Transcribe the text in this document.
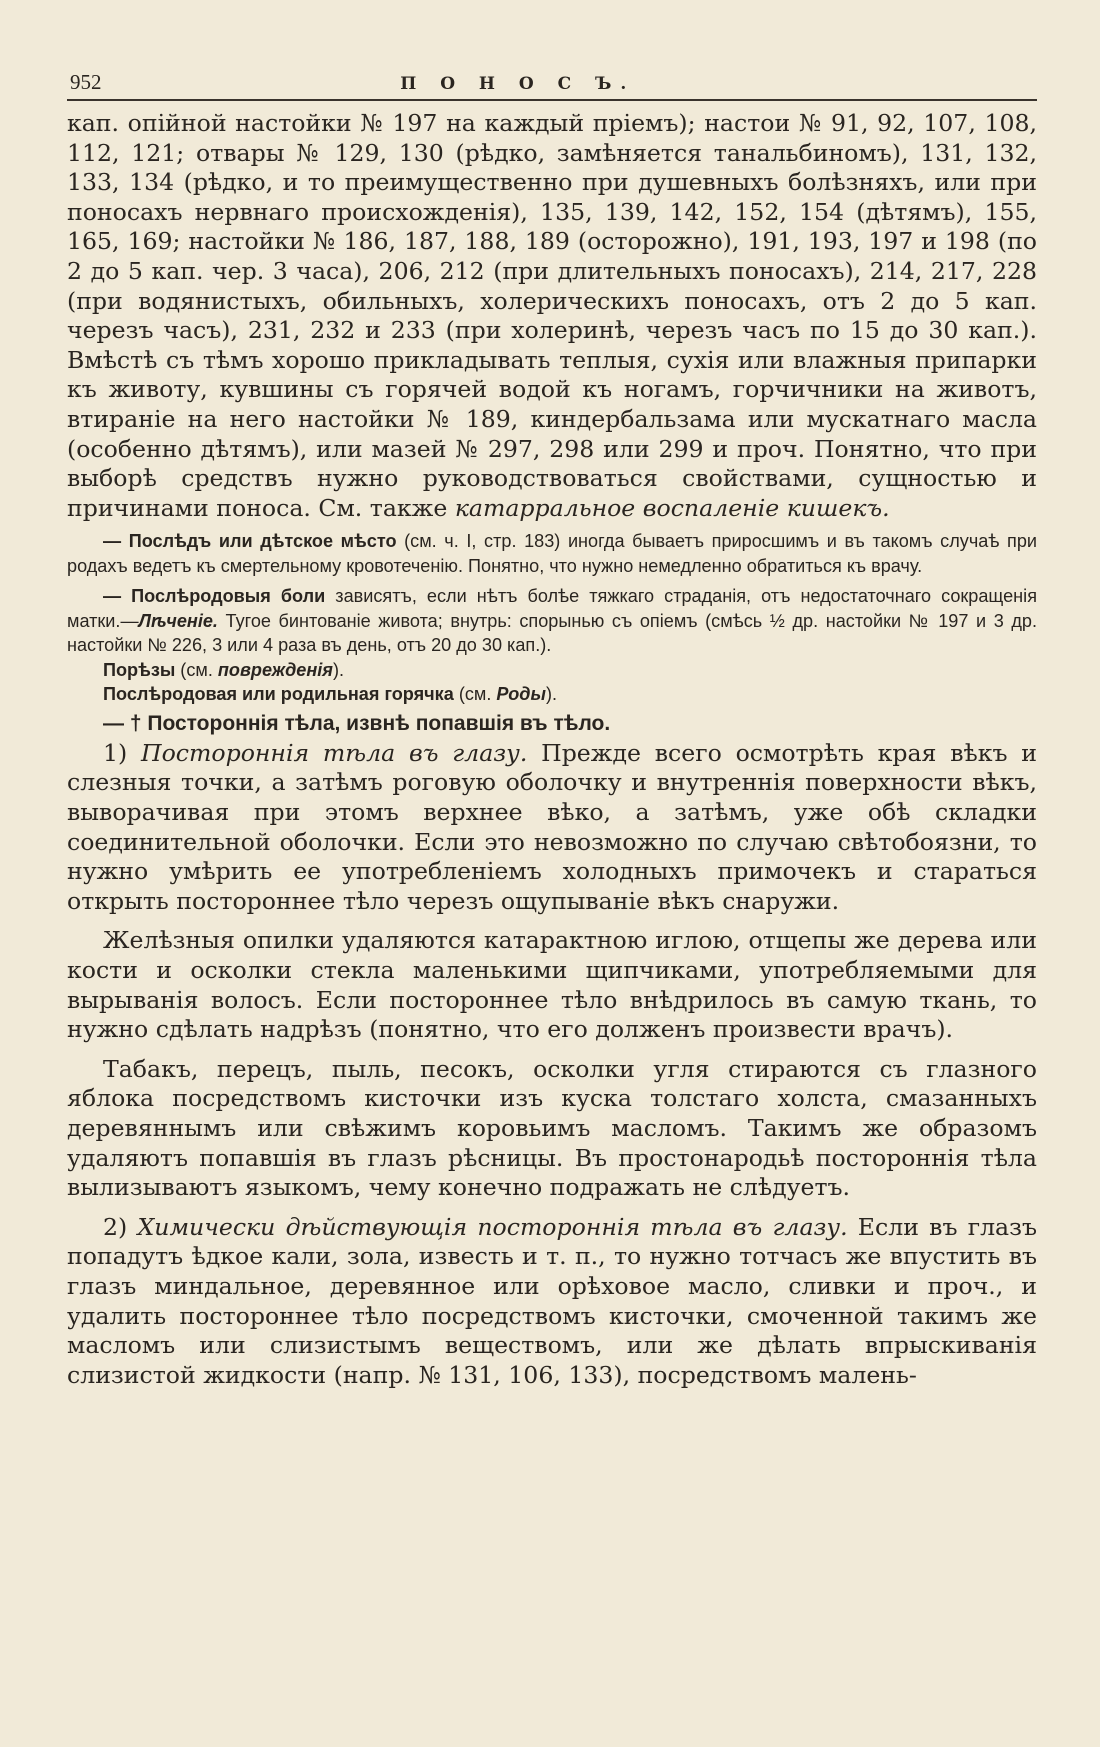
952	П О Н О С Ъ.

кап. опійной настойки № 197 на каждый пріемъ); настои № 91, 92, 107, 108, 112, 121; отвары № 129, 130 (рѣдко, замѣняется танальбиномъ), 131, 132, 133, 134 (рѣдко, и то преимущественно при душевныхъ болѣзняхъ, или при поносахъ нервнаго происхожденія), 135, 139, 142, 152, 154 (дѣтямъ), 155, 165, 169; настойки № 186, 187, 188, 189 (осторожно), 191, 193, 197 и 198 (по 2 до 5 кап. чер. 3 часа), 206, 212 (при длительныхъ поносахъ), 214, 217, 228 (при водянистыхъ, обильныхъ, холерическихъ поносахъ, отъ 2 до 5 кап. черезъ часъ), 231, 232 и 233 (при холеринѣ, черезъ часъ по 15 до 30 кап.). Вмѣстѣ съ тѣмъ хорошо прикладывать теплыя, сухія или влажныя припарки къ животу, кувшины съ горячей водой къ ногамъ, горчичники на животъ, втираніе на него настойки № 189, киндербальзама или мускатнаго масла (особенно дѣтямъ), или мазей № 297, 298 или 299 и проч. Понятно, что при выборѣ средствъ нужно руководствоваться свойствами, сущностью и причинами поноса. См. также катарральное воспаленіе кишекъ.

— Послѣдъ или дѣтское мѣсто (см. ч. I, стр. 183) иногда бываетъ приросшимъ и въ такомъ случаѣ при родахъ ведетъ къ смертельному кровотеченію. Понятно, что нужно немедленно обратиться къ врачу.

— Послѣродовыя боли зависятъ, если нѣтъ болѣе тяжкаго страданія, отъ недостаточнаго сокращенія матки.—Лѣченіе. Тугое бинтованіе живота; внутрь: спорынью съ опіемъ (смѣсь ½ др. настойки № 197 и 3 др. настойки № 226, 3 или 4 раза въ день, отъ 20 до 30 кап.).

Порѣзы (см. поврежденія).

Послѣродовая или родильная горячка (см. Роды).

— † Постороннія тѣла, извнѣ попавшія въ тѣло.

1) Постороннія тѣла въ глазу. Прежде всего осмотрѣть края вѣкъ и слезныя точки, а затѣмъ роговую оболочку и внутреннія поверхности вѣкъ, выворачивая при этомъ верхнее вѣко, а затѣмъ, уже обѣ складки соединительной оболочки. Если это невозможно по случаю свѣтобоязни, то нужно умѣрить ее употребленіемъ холодныхъ примочекъ и стараться открыть постороннее тѣло черезъ ощупываніе вѣкъ снаружи.

Желѣзныя опилки удаляются катарактною иглою, отщепы же дерева или кости и осколки стекла маленькими щипчиками, употребляемыми для вырыванія волосъ. Если постороннее тѣло внѣдрилось въ самую ткань, то нужно сдѣлать надрѣзъ (понятно, что его долженъ произвести врачъ).

Табакъ, перецъ, пыль, песокъ, осколки угля стираются съ глазного яблока посредствомъ кисточки изъ куска толстаго холста, смазанныхъ деревяннымъ или свѣжимъ коровьимъ масломъ. Такимъ же образомъ удаляютъ попавшія въ глазъ рѣсницы. Въ простонародьѣ постороннія тѣла вылизываютъ языкомъ, чему конечно подражать не слѣдуетъ.

2) Химически дѣйствующія постороннія тѣла въ глазу. Если въ глазъ попадутъ ѣдкое кали, зола, известь и т. п., то нужно тотчасъ же впустить въ глазъ миндальное, деревянное или орѣховое масло, сливки и проч., и удалить постороннее тѣло посредствомъ кисточки, смоченной такимъ же масломъ или слизистымъ веществомъ, или же дѣлать впрыскиванія слизистой жидкости (напр. № 131, 106, 133), посредствомъ малень-
